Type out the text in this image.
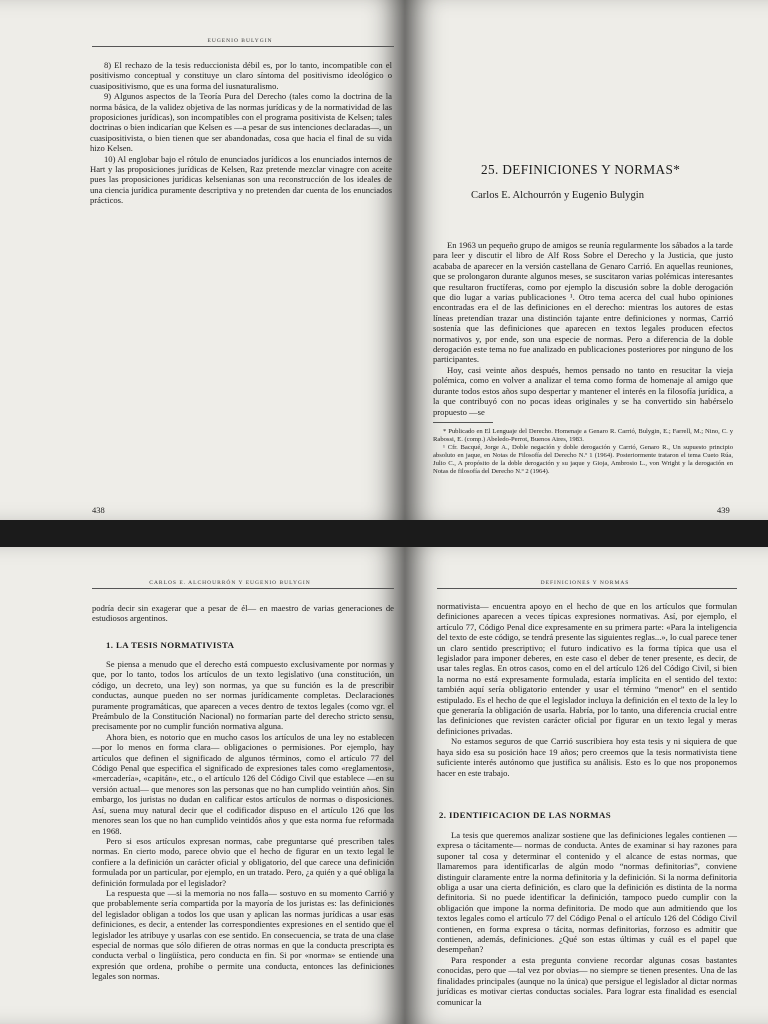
EUGENIO BULYGIN

8) El rechazo de la tesis reduccionista débil es, por lo tanto, incompatible con el positivismo conceptual y constituye un claro síntoma del positivismo ideológico o cuasipositivismo, que es una forma del iusnaturalismo.

9) Algunos aspectos de la Teoría Pura del Derecho (tales como la doctrina de la norma básica, de la validez objetiva de las normas jurídicas y de la normatividad de las proposiciones jurídicas), son incompatibles con el programa positivista de Kelsen; tales doctrinas o bien indicarían que Kelsen es —a pesar de sus intenciones declaradas—, un cuasipositivista, o bien tienen que ser abandonadas, cosa que hacia el final de su vida hizo Kelsen.

10) Al englobar bajo el rótulo de enunciados jurídicos a los enunciados internos de Hart y las proposiciones jurídicas de Kelsen, Raz pretende mezclar vinagre con aceite pues las proposiciones jurídicas kelsenianas son una reconstrucción de los ideales de una ciencia jurídica puramente descriptiva y no pretenden dar cuenta de los enunciados prácticos.

438
25. DEFINICIONES Y NORMAS*
Carlos E. Alchourrón y Eugenio Bulygin

En 1963 un pequeño grupo de amigos se reunía regularmente los sábados a la tarde para leer y discutir el libro de Alf Ross Sobre el Derecho y la Justicia, que justo acababa de aparecer en la versión castellana de Genaro Carrió. En aquellas reuniones, que se prolongaron durante algunos meses, se suscitaron varias polémicas interesantes que resultaron fructíferas, como por ejemplo la discusión sobre la doble derogación que dio lugar a varias publicaciones ¹. Otro tema acerca del cual hubo opiniones encontradas era el de las definiciones en el derecho: mientras los autores de estas líneas pretendían trazar una distinción tajante entre definiciones y normas, Carrió sostenía que las definiciones que aparecen en textos legales producen efectos normativos y, por ende, son una especie de normas. Pero a diferencia de la doble derogación este tema no fue analizado en publicaciones posteriores por ninguno de los participantes.

Hoy, casi veinte años después, hemos pensado no tanto en resucitar la vieja polémica, como en volver a analizar el tema como forma de homenaje al amigo que durante todos estos años supo despertar y mantener el interés en la filosofía jurídica, a la que contribuyó con no pocas ideas originales y se ha convertido sin habérselo propuesto —se

* Publicado en El Lenguaje del Derecho. Homenaje a Genaro R. Carrió, Bulygin, E.; Farrell, M.; Nino, C. y Rabossi, E. (comp.) Abeledo-Perrot, Buenos Aires, 1983.

¹ Cfr. Bacqué, Jorge A., Doble negación y doble derogación y Carrió, Genaro R., Un supuesto principio absoluto en jaque, en Notas de Filosofía del Derecho N.º 1 (1964). Posteriormente trataron el tema Cueto Rúa, Julio C., A propósito de la doble derogación y su jaque y Gioja, Ambrosio L., von Wright y la derogación en Notas de filosofía del Derecho N.º 2 (1964).

439
CARLOS E. ALCHOURRÓN Y EUGENIO BULYGIN

podría decir sin exagerar que a pesar de él— en maestro de varias generaciones de estudiosos argentinos.

1. LA TESIS NORMATIVISTA

Se piensa a menudo que el derecho está compuesto exclusivamente por normas y que, por lo tanto, todos los artículos de un texto legislativo (una constitución, un código, un decreto, una ley) son normas, ya que su función es la de prescribir conductas, aunque pueden no ser normas jurídicamente completas. Declaraciones puramente programáticas, que aparecen a veces dentro de textos legales (como vgr. el Preámbulo de la Constitución Nacional) no formarían parte del derecho stricto sensu, precisamente por no cumplir función normativa alguna.

Ahora bien, es notorio que en mucho casos los artículos de una ley no establecen —por lo menos en forma clara— obligaciones o permisiones. Por ejemplo, hay artículos que definen el significado de algunos términos, como el artículo 77 del Código Penal que especifica el significado de expresiones tales como «reglamentos», «mercadería», «capitán», etc., o el artículo 126 del Código Civil que establece —en su versión actual— que menores son las personas que no han cumplido veintiún años. Sin embargo, los juristas no dudan en calificar estos artículos de normas o disposiciones. Así, suena muy natural decir que el codificador dispuso en el artículo 126 que los menores sean los que no han cumplido veintidós años y que esta norma fue reformada en 1968.

Pero si esos artículos expresan normas, cabe preguntarse qué prescriben tales normas. En cierto modo, parece obvio que el hecho de figurar en un texto legal le confiere a la definición un carácter oficial y obligatorio, del que carece una definición formulada por un particular, por ejemplo, en un tratado. Pero, ¿a quién y a qué obliga la definición formulada por el legislador?

La respuesta que —si la memoria no nos falla— sostuvo en su momento Carrió y que probablemente sería compartida por la mayoría de los juristas es: las definiciones del legislador obligan a todos los que usan y aplican las normas jurídicas a usar esas definiciones, es decir, a entender las correspondientes expresiones en el sentido que el legislador les atribuye y usarlas con ese sentido. En consecuencia, se trata de una clase especial de normas que sólo difieren de otras normas en que la conducta prescripta es conducta verbal o lingüística, pero conducta en fin. Si por «norma» se entiende una expresión que ordena, prohíbe o permite una conducta, entonces las definiciones legales son normas.

DEFINICIONES Y NORMAS

normativista— encuentra apoyo en el hecho de que en los artículos que formulan definiciones aparecen a veces típicas expresiones normativas. Así, por ejemplo, el artículo 77, Código Penal dice expresamente en su primera parte: «Para la inteligencia del texto de este código, se tendrá presente las siguientes reglas...», lo cual parece tener un claro sentido prescriptivo; el futuro indicativo es la forma típica que usa el legislador para imponer deberes, en este caso el deber de tener presente, es decir, de usar tales reglas. En otros casos, como en el del artículo 126 del Código Civil, si bien la norma no está expresamente formulada, estaría implícita en el sentido del texto: también aquí sería obligatorio entender y usar el término “menor” en el sentido estipulado. Es el hecho de que el legislador incluya la definición en el texto de la ley lo que generaría la obligación de usarla. Habría, por lo tanto, una diferencia crucial entre las definiciones que revisten carácter oficial por figurar en un texto legal y meras definiciones privadas.

No estamos seguros de que Carrió suscribiera hoy esta tesis y ni siquiera de que haya sido esa su posición hace 19 años; pero creemos que la tesis normativista tiene suficiente interés autónomo que justifica su análisis. Esto es lo que nos proponemos hacer en este trabajo.

2. IDENTIFICACION DE LAS NORMAS

La tesis que queremos analizar sostiene que las definiciones legales contienen —expresa o tácitamente— normas de conducta. Antes de examinar si hay razones para suponer tal cosa y determinar el contenido y el alcance de estas normas, que llamaremos para identificarlas de algún modo “normas definitorias”, conviene distinguir claramente entre la norma definitoria y la definición. Si la norma definitoria obliga a usar una cierta definición, es claro que la definición es distinta de la norma definitoria. Si no puede identificar la definición, tampoco puedo cumplir con la obligación que impone la norma definitoria. De modo que aun admitiendo que los textos legales como el artículo 77 del Código Penal o el artículo 126 del Código Civil contienen, en forma expresa o tácita, normas definitorias, forzoso es admitir que contienen, además, definiciones. ¿Qué son estas últimas y cuál es el papel que desempeñan?

Para responder a esta pregunta conviene recordar algunas cosas bastantes conocidas, pero que —tal vez por obvias— no siempre se tienen presentes. Una de las finalidades principales (aunque no la única) que persigue el legislador al dictar normas jurídicas es motivar ciertas conductas sociales. Para lograr esta finalidad es esencial comunicar la
